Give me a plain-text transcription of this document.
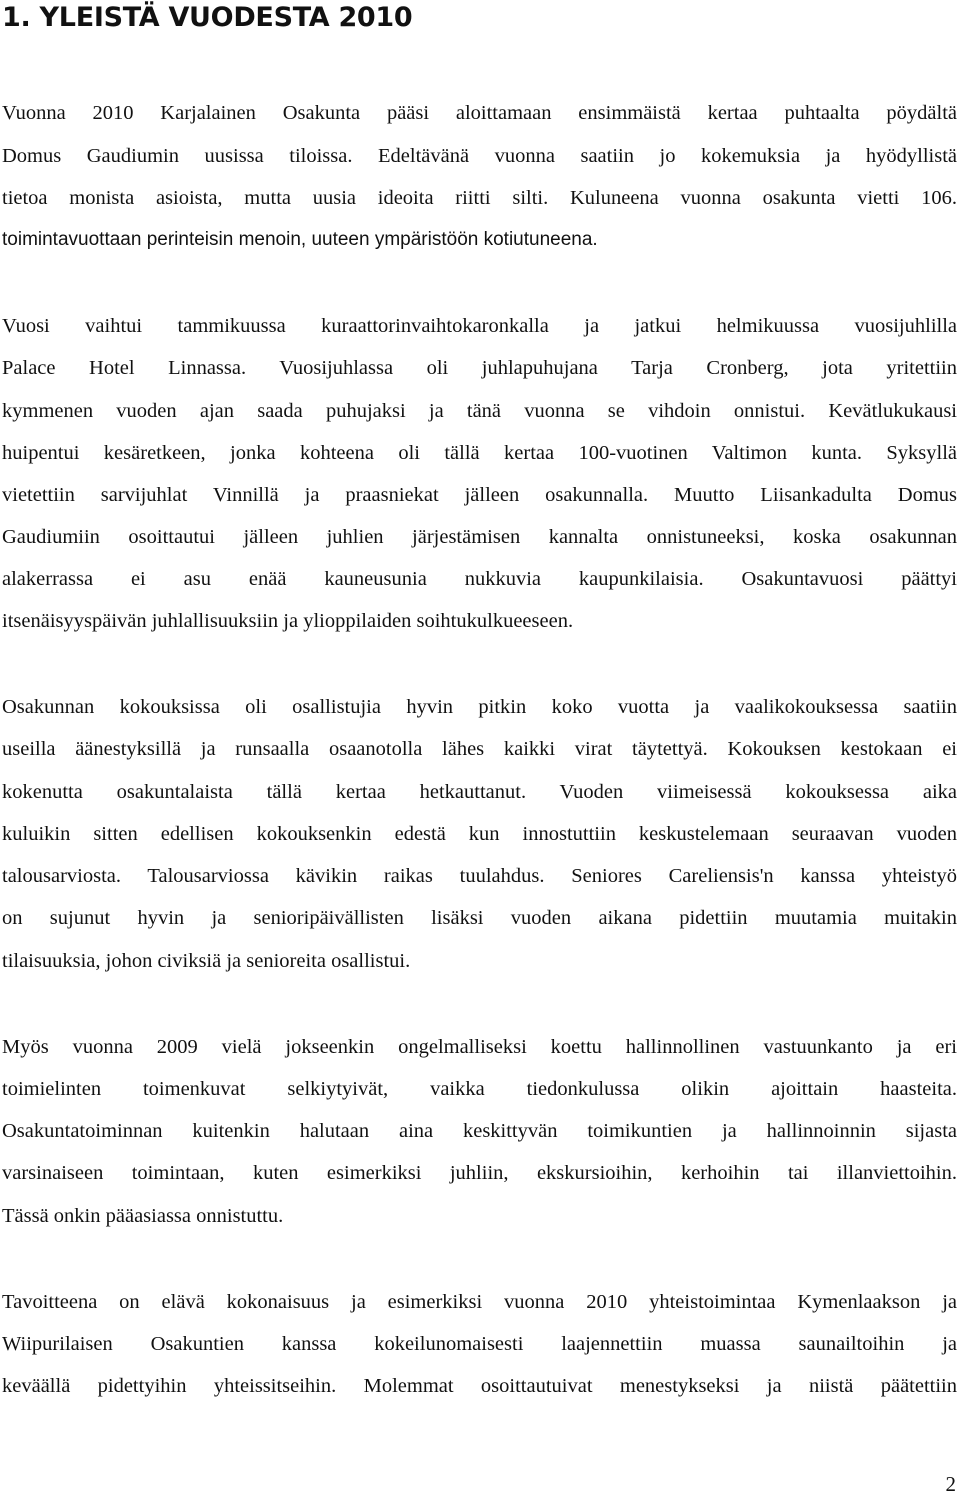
1. YLEISTÄ VUODESTA 2010
Vuonna 2010 Karjalainen Osakunta pääsi aloittamaan ensimmäistä kertaa puhtaalta pöydältä
Domus Gaudiumin uusissa tiloissa. Edeltävänä vuonna saatiin jo kokemuksia ja hyödyllistä
tietoa monista asioista, mutta uusia ideoita riitti silti. Kuluneena vuonna osakunta vietti 106.
toimintavuottaan perinteisin menoin, uuteen ympäristöön kotiutuneena.
Vuosi vaihtui tammikuussa kuraattorinvaihtokaronkalla ja jatkui helmikuussa vuosijuhlilla
Palace Hotel Linnassa. Vuosijuhlassa oli juhlapuhujana Tarja Cronberg, jota yritettiin
kymmenen vuoden ajan saada puhujaksi ja tänä vuonna se vihdoin onnistui. Kevätlukukausi
huipentui kesäretkeen, jonka kohteena oli tällä kertaa 100-vuotinen Valtimon kunta. Syksyllä
vietettiin sarvijuhlat Vinnillä ja praasniekat jälleen osakunnalla. Muutto Liisankadulta Domus
Gaudiumiin osoittautui jälleen juhlien järjestämisen kannalta onnistuneeksi, koska osakunnan
alakerrassa ei asu enää kauneusunia nukkuvia kaupunkilaisia. Osakuntavuosi päättyi
itsenäisyyspäivän juhlallisuuksiin ja ylioppilaiden soihtukulkueeseen.
Osakunnan kokouksissa oli osallistujia hyvin pitkin koko vuotta ja vaalikokouksessa saatiin
useilla äänestyksillä ja runsaalla osaanotolla lähes kaikki virat täytettyä. Kokouksen kestokaan ei
kokenutta osakuntalaista tällä kertaa hetkauttanut. Vuoden viimeisessä kokouksessa aika
kuluikin sitten edellisen kokouksenkin edestä kun innostuttiin keskustelemaan seuraavan vuoden
talousarviosta. Talousarviossa kävikin raikas tuulahdus. Seniores Careliensis'n kanssa yhteistyö
on sujunut hyvin ja senioripäivällisten lisäksi vuoden aikana pidettiin muutamia muitakin
tilaisuuksia, johon civiksiä ja senioreita osallistui.
Myös vuonna 2009 vielä jokseenkin ongelmalliseksi koettu hallinnollinen vastuunkanto ja eri
toimielinten toimenkuvat selkiytyivät, vaikka tiedonkulussa olikin ajoittain haasteita.
Osakuntatoiminnan kuitenkin halutaan aina keskittyvän toimikuntien ja hallinnoinnin sijasta
varsinaiseen toimintaan, kuten esimerkiksi juhliin, ekskursioihin, kerhoihin tai illanviettoihin.
Tässä onkin pääasiassa onnistuttu.
Tavoitteena on elävä kokonaisuus ja esimerkiksi vuonna 2010 yhteistoimintaa Kymenlaakson ja
Wiipurilaisen Osakuntien kanssa kokeilunomaisesti laajennettiin muassa saunailtoihin ja
keväällä pidettyihin yhteissitseihin. Molemmat osoittautuivat menestykseksi ja niistä päätettiin
2
